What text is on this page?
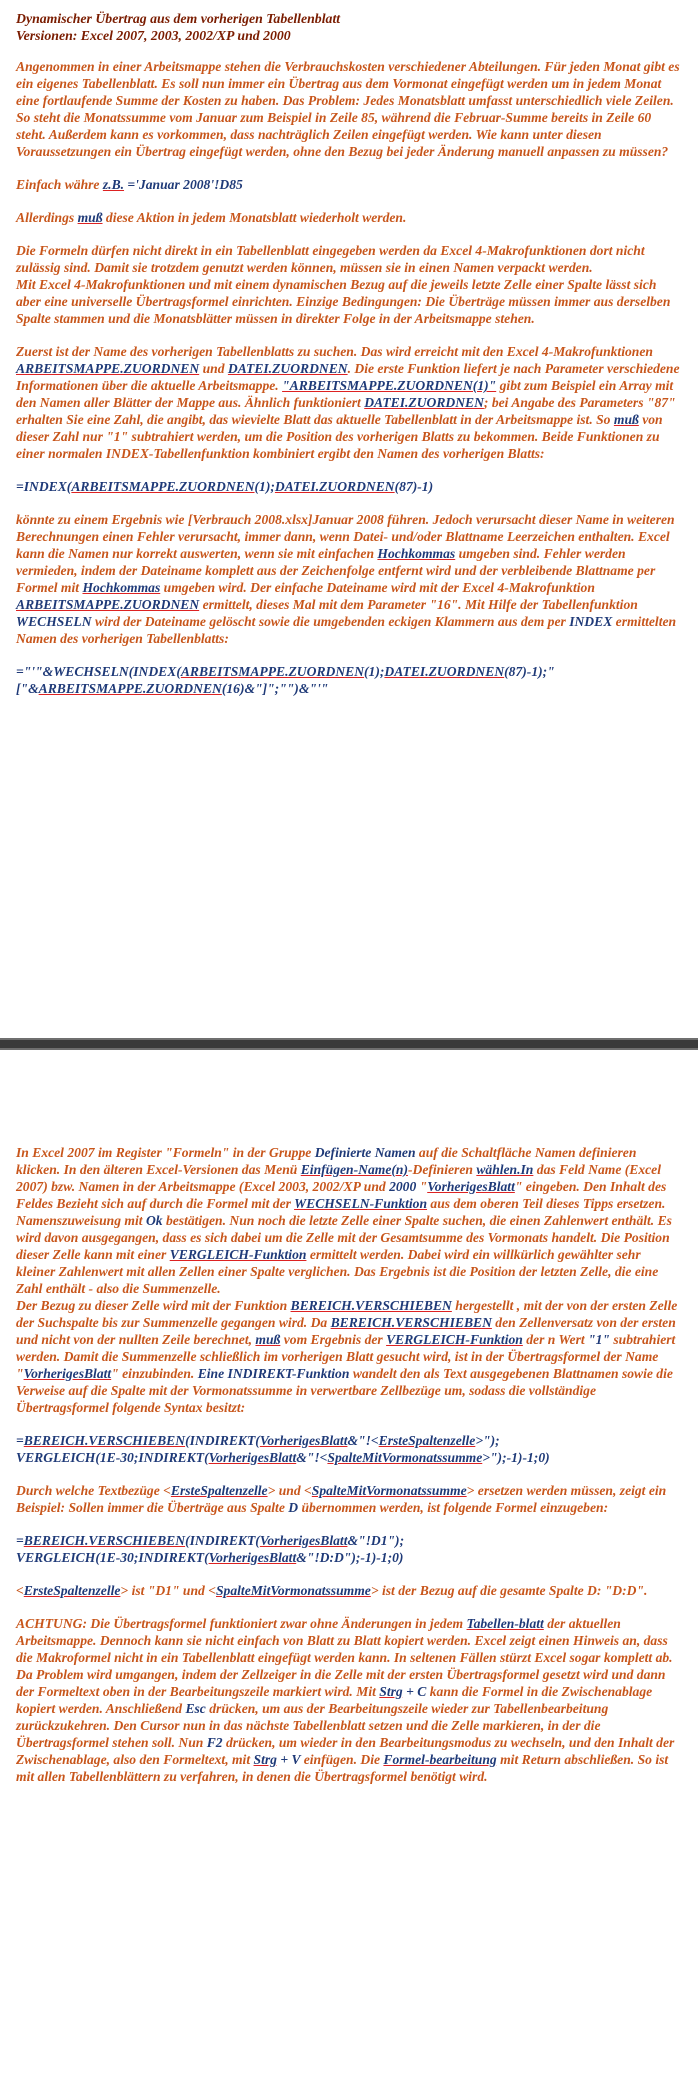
Dynamischer Übertrag aus dem vorherigen Tabellenblatt

Versionen: Excel 2007, 2003, 2002/XP und 2000

Angenommen in einer Arbeitsmappe stehen die Verbrauchskosten verschiedener Abteilungen. Für jeden Monat gibt es ein eigenes Tabellenblatt. Es soll nun immer ein Übertrag aus dem Vormonat eingefügt werden um in jedem Monat eine fortlaufende Summe der Kosten zu haben. Das Problem: Jedes Monatsblatt umfasst unterschiedlich viele Zeilen. So steht die Monatssumme vom Januar zum Beispiel in Zeile 85, während die Februar-Summe bereits in Zeile 60 steht. Außerdem kann es vorkommen, dass nachträglich Zeilen eingefügt werden. Wie kann unter diesen Voraussetzungen ein Übertrag eingefügt werden, ohne den Bezug bei jeder Änderung manuell anpassen zu müssen?

Einfach währe z.B. ='Januar 2008'!D85

Allerdings muß diese Aktion in jedem Monatsblatt wiederholt werden.

Die Formeln dürfen nicht direkt in ein Tabellenblatt eingegeben werden da Excel 4-Makrofunktionen dort nicht zulässig sind. Damit sie trotzdem genutzt werden können, müssen sie in einen Namen verpackt werden.

Mit Excel 4-Makrofunktionen und mit einem dynamischen Bezug auf die jeweils letzte Zelle einer Spalte lässt sich aber eine universelle Übertragsformel einrichten. Einzige Bedingungen: Die Überträge müssen immer aus derselben Spalte stammen und die Monatsblätter müssen in direkter Folge in der Arbeitsmappe stehen.

Zuerst ist der Name des vorherigen Tabellenblatts zu suchen. Das wird erreicht mit den Excel 4-Makrofunktionen ARBEITSMAPPE.ZUORDNEN und DATEI.ZUORDNEN. Die erste Funktion liefert je nach Parameter verschiedene Informationen über die aktuelle Arbeitsmappe. "ARBEITSMAPPE.ZUORDNEN(1)" gibt zum Beispiel ein Array mit den Namen aller Blätter der Mappe aus. Ähnlich funktioniert DATEI.ZUORDNEN; bei Angabe des Parameters "87" erhalten Sie eine Zahl, die angibt, das wievielte Blatt das aktuelle Tabellenblatt in der Arbeitsmappe ist. So muß von dieser Zahl nur "1" subtrahiert werden, um die Position des vorherigen Blatts zu bekommen. Beide Funktionen zu einer normalen INDEX-Tabellenfunktion kombiniert ergibt den Namen des vorherigen Blatts:

=INDEX(ARBEITSMAPPE.ZUORDNEN(1);DATEI.ZUORDNEN(87)-1)

könnte zu einem Ergebnis wie [Verbrauch 2008.xlsx]Januar 2008 führen. Jedoch verursacht dieser Name in weiteren Berechnungen einen Fehler verursacht, immer dann, wenn Datei- und/oder Blattname Leerzeichen enthalten. Excel kann die Namen nur korrekt auswerten, wenn sie mit einfachen Hochkommas umgeben sind. Fehler werden vermieden, indem der Dateiname komplett aus der Zeichenfolge entfernt wird und der verbleibende Blattname per Formel mit Hochkommas umgeben wird. Der einfache Dateiname wird mit der Excel 4-Makrofunktion ARBEITSMAPPE.ZUORDNEN ermittelt, dieses Mal mit dem Parameter "16". Mit Hilfe der Tabellenfunktion WECHSELN wird der Dateiname gelöscht sowie die umgebenden eckigen Klammern aus dem per INDEX ermittelten Namen des vorherigen Tabellenblatts:

="'"&WECHSELN(INDEX(ARBEITSMAPPE.ZUORDNEN(1);DATEI.ZUORDNEN(87)-1);"["&ARBEITSMAPPE.ZUORDNEN(16)&"]";"")&"'"

In Excel 2007 im Register "Formeln" in der Gruppe Definierte Namen auf die Schaltfläche Namen definieren klicken. In den älteren Excel-Versionen das Menü Einfügen-Name(n)-Definieren wählen.In das Feld Name (Excel 2007) bzw. Namen in der Arbeitsmappe (Excel 2003, 2002/XP und 2000 "VorherigesBlatt" eingeben. Den Inhalt des Feldes Bezieht sich auf durch die Formel mit der WECHSELN-Funktion aus dem oberen Teil dieses Tipps ersetzen. Namenszuweisung mit Ok bestätigen. Nun noch die letzte Zelle einer Spalte suchen, die einen Zahlenwert enthält. Es wird davon ausgegangen, dass es sich dabei um die Zelle mit der Gesamtsumme des Vormonats handelt. Die Position dieser Zelle kann mit einer VERGLEICH-Funktion ermittelt werden. Dabei wird ein willkürlich gewählter sehr kleiner Zahlenwert mit allen Zellen einer Spalte verglichen. Das Ergebnis ist die Position der letzten Zelle, die eine Zahl enthält - also die Summenzelle.

Der Bezug zu dieser Zelle wird mit der Funktion BEREICH.VERSCHIEBEN hergestellt , mit der von der ersten Zelle der Suchspalte bis zur Summenzelle gegangen wird. Da BEREICH.VERSCHIEBEN den Zellenversatz von der ersten und nicht von der nullten Zeile berechnet, muß vom Ergebnis der VERGLEICH-Funktion der n Wert "1" subtrahiert werden. Damit die Summenzelle schließlich im vorherigen Blatt gesucht wird, ist in der Übertragsformel der Name "VorherigesBlatt" einzubinden. Eine INDIREKT-Funktion wandelt den als Text ausgegebenen Blattnamen sowie die Verweise auf die Spalte mit der Vormonatssumme in verwertbare Zellbezüge um, sodass die vollständige Übertragsformel folgende Syntax besitzt:

=BEREICH.VERSCHIEBEN(INDIREKT(VorherigesBlatt&"!<ErsteSpaltenzelle>");
VERGLEICH(1E-30;INDIREKT(VorherigesBlatt&"!<SpalteMitVormonatssumme>");-1)-1;0)

Durch welche Textbezüge <ErsteSpaltenzelle> und <SpalteMitVormonatssumme> ersetzen werden müssen, zeigt ein Beispiel: Sollen immer die Überträge aus Spalte D übernommen werden, ist folgende Formel einzugeben:

=BEREICH.VERSCHIEBEN(INDIREKT(VorherigesBlatt&"!D1");
VERGLEICH(1E-30;INDIREKT(VorherigesBlatt&"!D:D");-1)-1;0)

<ErsteSpaltenzelle> ist "D1" und <SpalteMitVormonatssumme> ist der Bezug auf die gesamte Spalte D: "D:D".

ACHTUNG: Die Übertragsformel funktioniert zwar ohne Änderungen in jedem Tabellen-blatt der aktuellen Arbeitsmappe. Dennoch kann sie nicht einfach von Blatt zu Blatt kopiert werden. Excel zeigt einen Hinweis an, dass die Makroformel nicht in ein Tabellenblatt eingefügt werden kann. In seltenen Fällen stürzt Excel sogar komplett ab. Da Problem wird umgangen, indem der Zellzeiger in die Zelle mit der ersten Übertragsformel gesetzt wird und dann der Formeltext oben in der Bearbeitungszeile markiert wird. Mit Strg + C kann die Formel in die Zwischenablage kopiert werden. Anschließend Esc drücken, um aus der Bearbeitungszeile wieder zur Tabellenbearbeitung zurückzukehren. Den Cursor nun in das nächste Tabellenblatt setzen und die Zelle markieren, in der die Übertragsformel stehen soll. Nun F2 drücken, um wieder in den Bearbeitungsmodus zu wechseln, und den Inhalt der Zwischenablage, also den Formeltext, mit Strg + V einfügen. Die Formel-bearbeitung mit Return abschließen. So ist mit allen Tabellenblättern zu verfahren, in denen die Übertragsformel benötigt wird.
